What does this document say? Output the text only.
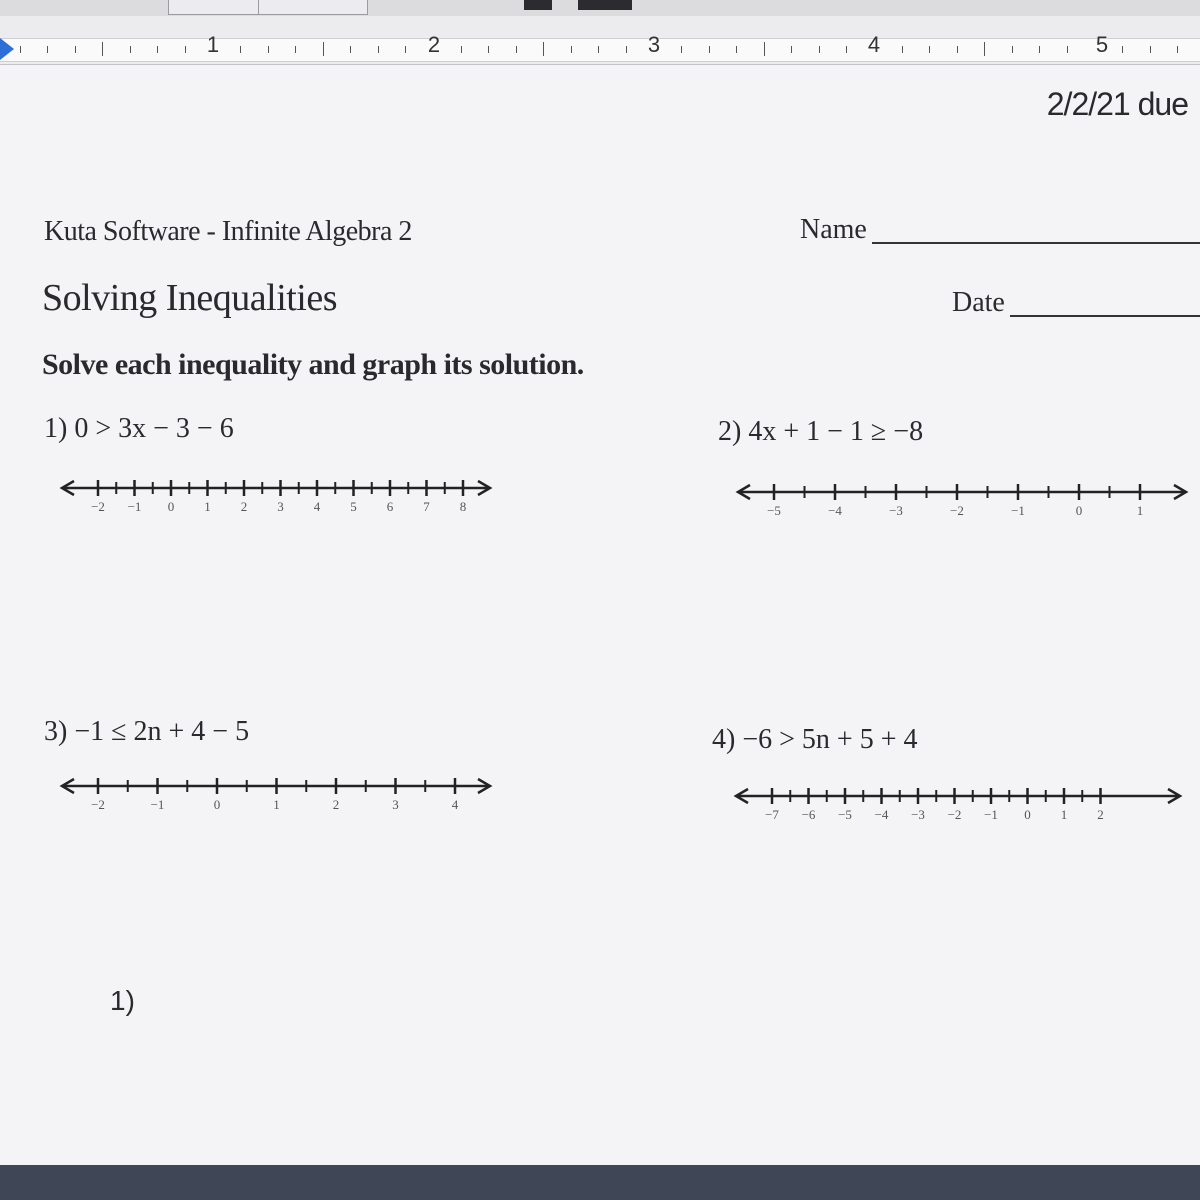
1	2	3	4	5
2/2/21 due
Kuta Software - Infinite Algebra 2	Name
Solving Inequalities	Date
Solve each inequality and graph its solution.
1) 0 > 3x − 3 − 6	2) 4x + 1 − 1 ≥ −8
3) −1 ≤ 2n + 4 − 5	4) −6 > 5n + 5 + 4
−2 −1 0 1 2 3 4 5 6 7 8	−5	−4	−3	−2	−1	0	1
−2	−1	0	1	2	3	4
−7 −6 −5 −4 −3 −2 −1 0 1 2
1)
